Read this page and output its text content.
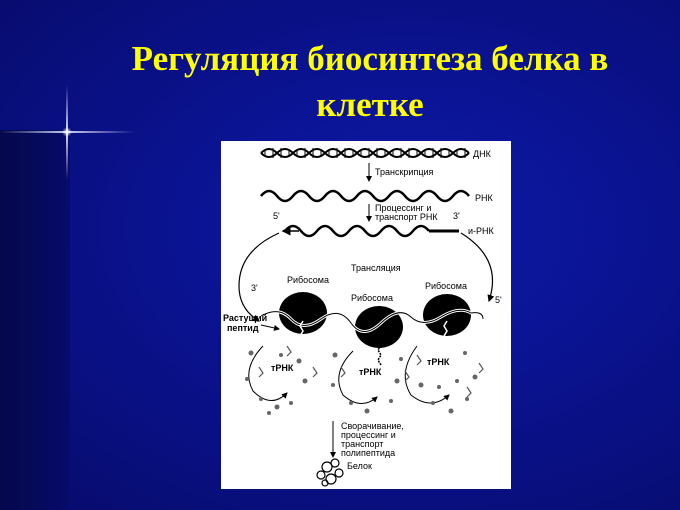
Регуляция биосинтеза белка в
клетке
ДНК
Транскрипция
РНК
Процессинг и
транспорт РНК
5'	3'
и-РНК
Трансляция
Рибосома
Рибосома
Рибосома
3'
5'
Растущий
пептид
тРНК	тРНК
тРНК
Сворачивание,
процессинг и
транспорт
полипептида
Белок
